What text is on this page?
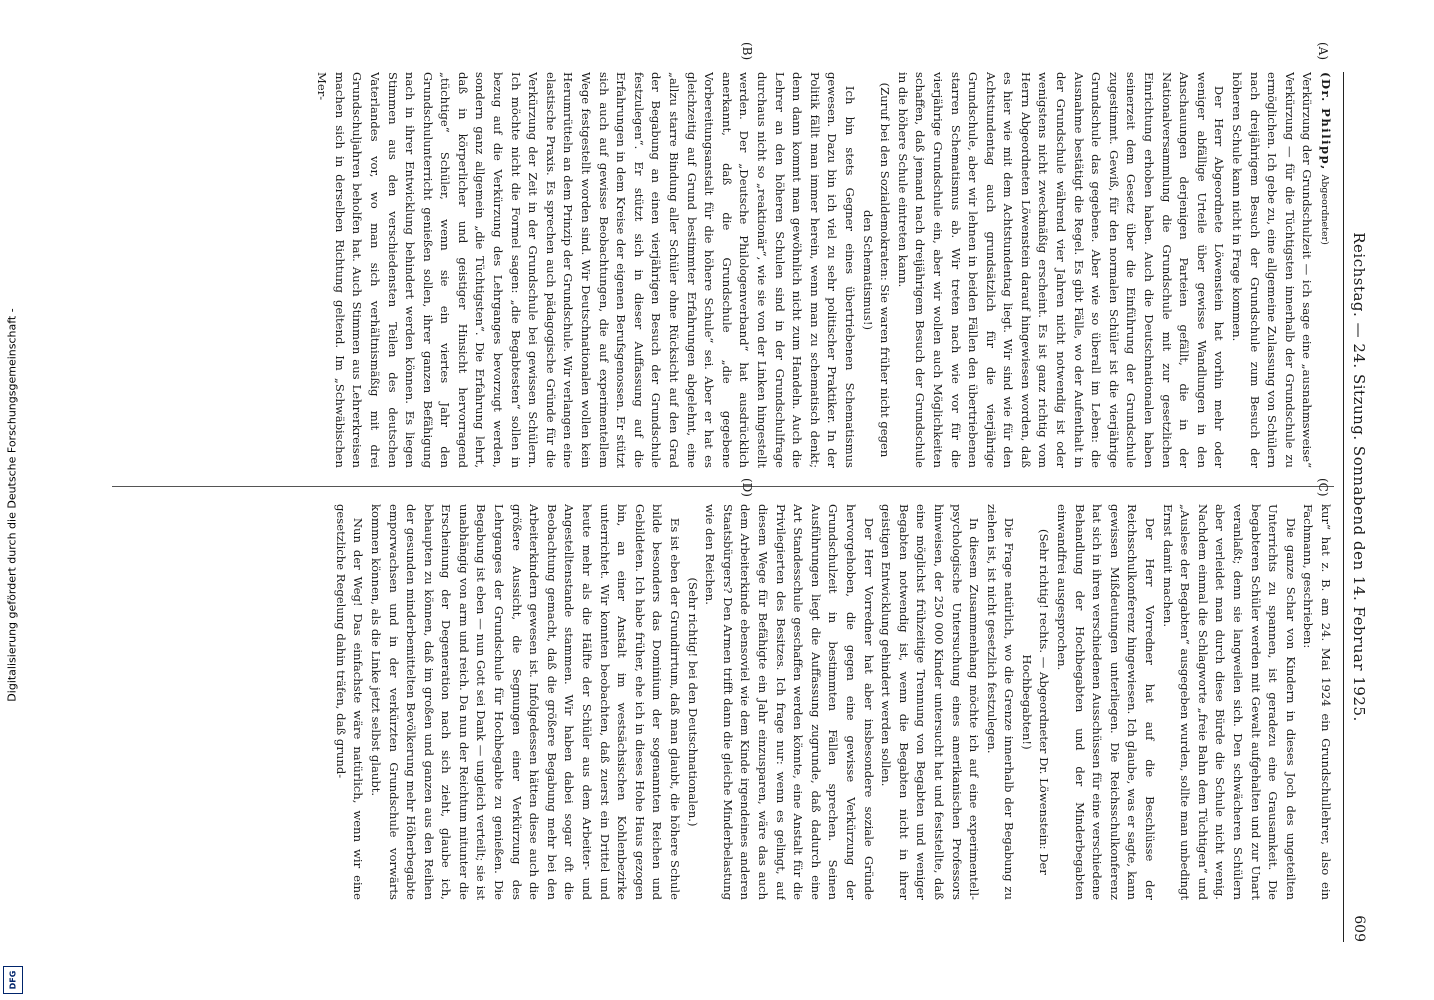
Digitalisierung gefördert durch die Deutsche Forschungsgemeinschaft -
DFG
Reichstag. — 24. Sitzung. Sonnabend den 14. Februar 1925.
609

(Dr. Philipp, Abgeordneter)

Verkürzung der Grundschulzeit — ich sage eine „ausnahmsweise“ Verkürzung — für die Tüchtigsten innerhalb der Grundschule zu ermöglichen. Ich gebe zu, eine allgemeine Zulassung von Schülern nach dreijährigem Besuch der Grundschule zum Besuch der höheren Schule kann nicht in Frage kommen.

Der Herr Abgeordnete Löwenstein hat vorhin mehr oder weniger abfällige Urteile über gewisse Wandlungen in den Anschauungen derjenigen Parteien gefällt, die in der Nationalversammlung die Grundschule mit zur gesetzlichen Einrichtung erhoben haben. Auch die Deutschnationalen haben seinerzeit dem Gesetz über die Einführung der Grundschule zugestimmt. Gewiß, für den normalen Schüler ist die vierjährige Grundschule das gegebene. Aber wie so überall im Leben: die Ausnahme bestätigt die Regel. Es gibt Fälle, wo der Aufenthalt in der Grundschule während vier Jahren nicht notwendig ist oder wenigstens nicht zweckmäßig erscheint. Es ist ganz richtig vom Herrn Abgeordneten Löwenstein darauf hingewiesen worden, daß es hier wie mit dem Achtstundentag liegt. Wir sind wie für den Achtstundentag auch grundsätzlich für die vierjährige Grundschule, aber wir lehnen in beiden Fällen den übertriebenen starren Schematismus ab. Wir treten nach wie vor für die vierjährige Grundschule ein, aber wir wollen auch Möglichkeiten schaffen, daß jemand nach dreijährigem Besuch der Grundschule in die höhere Schule eintreten kann.

(Zuruf bei den Sozialdemokraten: Sie waren früher nicht gegen den Schematismus!)

Ich bin stets Gegner eines übertriebenen Schematismus gewesen. Dazu bin ich viel zu sehr politischer Praktiker. In der Politik fällt man immer herein, wenn man zu schematisch denkt; denn dann kommt man gewöhnlich nicht zum Handeln. Auch die Lehrer an den höheren Schulen sind in der Grundschulfrage durchaus nicht so „reaktionär“, wie sie von der Linken hingestellt werden. Der „Deutsche Philologenverband“ hat ausdrücklich anerkannt, daß die Grundschule „die gegebene Vorbereitungsanstalt für die höhere Schule“ sei. Aber er hat es gleichzeitig auf Grund bestimmter Erfahrungen abgelehnt, eine „allzu starre Bindung aller Schüler ohne Rücksicht auf den Grad der Begabung an einen vierjährigen Besuch der Grundschule festzulegen“. Er stützt sich in dieser Auffassung auf die Erfahrungen in dem Kreise der eigenen Berufsgenossen. Er stützt sich auch auf gewisse Beobachtungen, die auf experimentellem Wege festgestellt worden sind. Wir Deutschnationalen wollen kein Herumrütteln an dem Prinzip der Grundschule. Wir verlangen eine elastische Praxis. Es sprechen auch pädagogische Gründe für die Verkürzung der Zeit in der Grundschule bei gewissen Schülern. Ich möchte nicht die Formel sagen: „die Begabtesten“ sollen in bezug auf die Verkürzung des Lehrganges bevorzugt werden, sondern ganz allgemein „die Tüchtigsten“. Die Erfahrung lehrt, daß in körperlicher und geistiger Hinsicht hervorragend „tüchtige“ Schüler, wenn sie ein viertes Jahr den Grundschulunterricht genießen sollen, ihrer ganzen Befähigung nach in ihrer Entwicklung behindert werden können. Es liegen Stimmen aus den verschiedensten Teilen des deutschen Vaterlandes vor, wo man sich verhältnismäßig mit drei Grundschuljahren beholfen hat. Auch Stimmen aus Lehrerkreisen machen sich in derselben Richtung geltend. Im „Schwäbischen Mer-

kur“ hat z. B. am 24. Mai 1924 ein Grundschullehrer, also ein Fachmann, geschrieben:

Die ganze Schar von Kindern in dieses Joch des ungeteilten Unterrichts zu spannen, ist geradezu eine Grausamkeit. Die begabteren Schüler werden mit Gewalt aufgehalten und zur Unart veranlaßt; denn sie langweilen sich. Den schwächeren Schülern aber verleidet man durch diese Bürde die Schule nicht wenig. Nachdem einmal die Schlagworte „freie Bahn dem Tüchtigen“ und „Auslese der Begabten“ ausgegeben wurden, sollte man unbedingt Ernst damit machen.

Der Herr Vorredner hat auf die Beschlüsse der Reichsschulkonferenz hingewiesen. Ich glaube, was er sagte, kann gewissen Mißdeutungen unterliegen. Die Reichsschulkonferenz hat sich in ihren verschiedenen Ausschüssen für eine verschiedene Behandlung der Hochbegabten und der Minderbegabten einwandfrei ausgesprochen.

(Sehr richtig! rechts. — Abgeordneter Dr. Löwenstein: Der Hochbegabten!)

Die Frage natürlich, wo die Grenze innerhalb der Begabung zu ziehen ist, ist nicht gesetzlich festzulegen.

In diesem Zusammenhang möchte ich auf eine experimentell-psychologische Untersuchung eines amerikanischen Professors hinweisen, der 250 000 Kinder untersucht hat und feststellte, daß eine möglichst frühzeitige Trennung von Begabten und weniger Begabten notwendig ist, wenn die Begabten nicht in ihrer geistigen Entwicklung gehindert werden sollen.

Der Herr Vorredner hat aber insbesondere soziale Gründe hervorgehoben, die gegen eine gewisse Verkürzung der Grundschulzeit in bestimmten Fällen sprechen. Seinen Ausführungen liegt die Auffassung zugrunde, daß dadurch eine Art Standesschule geschaffen werden könnte, eine Anstalt für die Privilegierten des Besitzes. Ich frage nur: wenn es gelingt, auf diesem Wege für Befähigte ein Jahr einzusparen, wäre das auch dem Arbeiterkinde ebensoviel wie dem Kinde irgendeines anderen Staatsbürgers? Den Armen trifft dann die gleiche Minderbelastung wie den Reichen.

(Sehr richtig! bei den Deutschnationalen.)

Es ist eben der Grundirrtum, daß man glaubt, die höhere Schule bilde besonders das Dominium der sogenannten Reichen und Gebildeten. Ich habe früher, ehe ich in dieses Hohe Haus gezogen bin, an einer Anstalt im westsächsischen Kohlenbezirke unterrichtet. Wir konnten beobachten, daß zuerst ein Drittel und heute mehr als die Hälfte der Schüler aus dem Arbeiter- und Angestelltenstande stammen. Wir haben dabei sogar oft die Beobachtung gemacht, daß die größere Begabung mehr bei den Arbeiterkindern gewesen ist. Infolgedessen hätten diese auch die größere Aussicht, die Segnungen einer Verkürzung des Lehrganges der Grundschule für Hochbegabte zu genießen. Die Begabung ist eben — nun Gott sei Dank — ungleich verteilt; sie ist unabhängig von arm und reich. Da nun der Reichtum mitunter die Erscheinung der Degeneration nach sich zieht, glaube ich, behaupten zu können, daß im großen und ganzen aus den Reihen der gesunden minderbemittelten Bevölkerung mehr Höherbegabte emporwachsen und in der verkürzten Grundschule vorwärts kommen können, als die Linke jetzt selbst glaubt.

Nun der Weg! Das einfachste wäre natürlich, wenn wir eine gesetzliche Regelung dahin träfen, daß grund-

(A)
(B)
(C)
(D)
